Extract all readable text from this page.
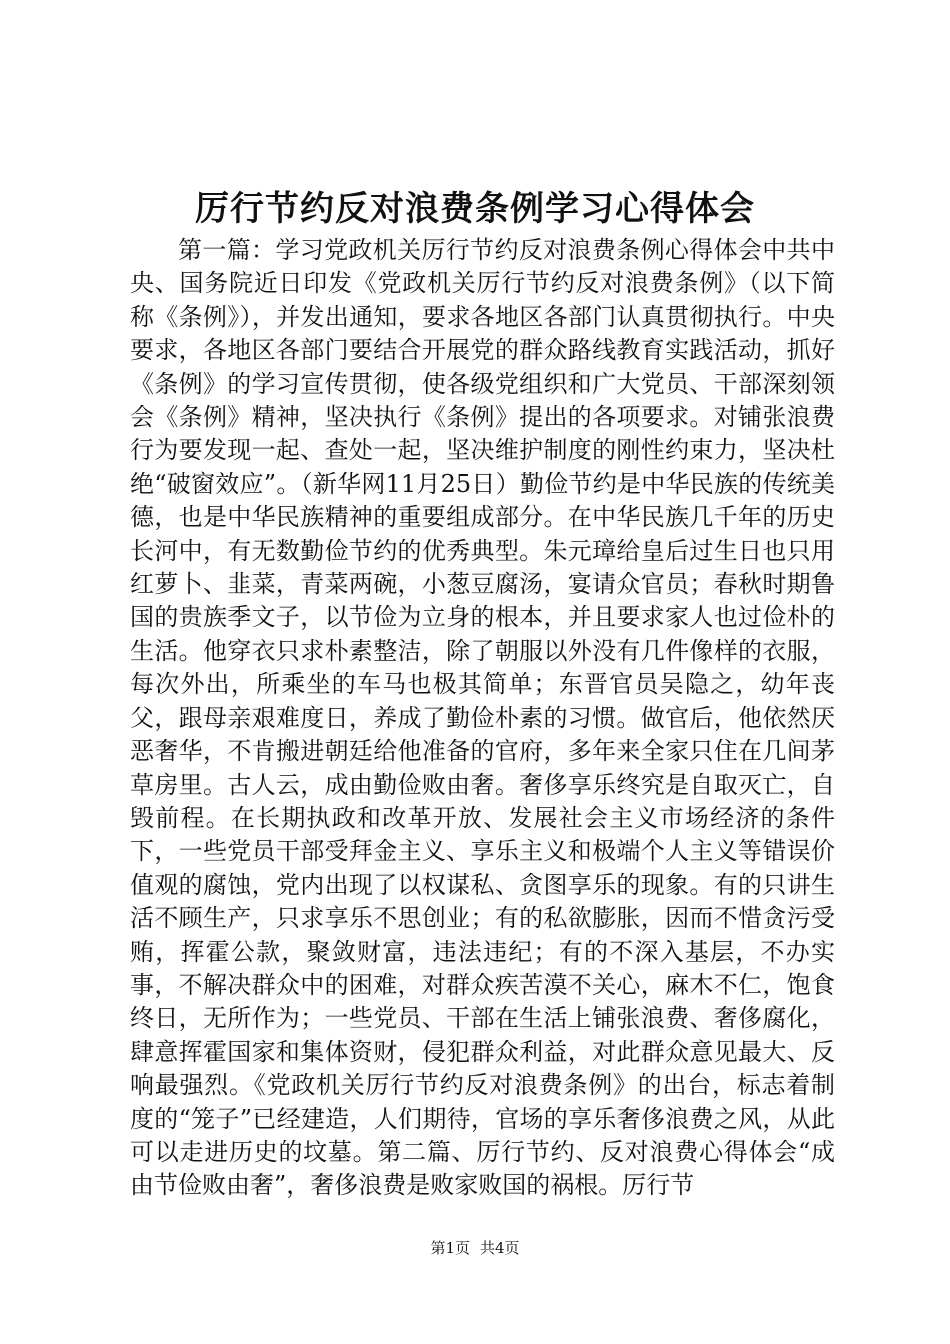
厉行节约反对浪费条例学习心得体会

第一篇：学习党政机关厉行节约反对浪费条例心得体会中共中央、国务院近日印发《党政机关厉行节约反对浪费条例》（以下简称《条例》），并发出通知，要求各地区各部门认真贯彻执行。中央要求，各地区各部门要结合开展党的群众路线教育实践活动，抓好《条例》的学习宣传贯彻，使各级党组织和广大党员、干部深刻领会《条例》精神，坚决执行《条例》提出的各项要求。对铺张浪费行为要发现一起、查处一起，坚决维护制度的刚性约束力，坚决杜绝“破窗效应”。（新华网11月25日）勤俭节约是中华民族的传统美德，也是中华民族精神的重要组成部分。在中华民族几千年的历史长河中，有无数勤俭节约的优秀典型。朱元璋给皇后过生日也只用红萝卜、韭菜，青菜两碗，小葱豆腐汤，宴请众官员；春秋时期鲁国的贵族季文子，以节俭为立身的根本，并且要求家人也过俭朴的生活。他穿衣只求朴素整洁，除了朝服以外没有几件像样的衣服，每次外出，所乘坐的车马也极其简单；东晋官员吴隐之，幼年丧父，跟母亲艰难度日，养成了勤俭朴素的习惯。做官后，他依然厌恶奢华，不肯搬进朝廷给他准备的官府，多年来全家只住在几间茅草房里。古人云，成由勤俭败由奢。奢侈享乐终究是自取灭亡，自毁前程。在长期执政和改革开放、发展社会主义市场经济的条件下，一些党员干部受拜金主义、享乐主义和极端个人主义等错误价值观的腐蚀，党内出现了以权谋私、贪图享乐的现象。有的只讲生活不顾生产，只求享乐不思创业；有的私欲膨胀，因而不惜贪污受贿，挥霍公款，聚敛财富，违法违纪；有的不深入基层，不办实事，不解决群众中的困难，对群众疾苦漠不关心，麻木不仁，饱食终日，无所作为；一些党员、干部在生活上铺张浪费、奢侈腐化，肆意挥霍国家和集体资财，侵犯群众利益，对此群众意见最大、反响最强烈。《党政机关厉行节约反对浪费条例》的出台，标志着制度的“笼子”已经建造，人们期待，官场的享乐奢侈浪费之风，从此可以走进历史的坟墓。第二篇、厉行节约、反对浪费心得体会“成由节俭败由奢”，奢侈浪费是败家败国的祸根。厉行节

第1页 共4页
